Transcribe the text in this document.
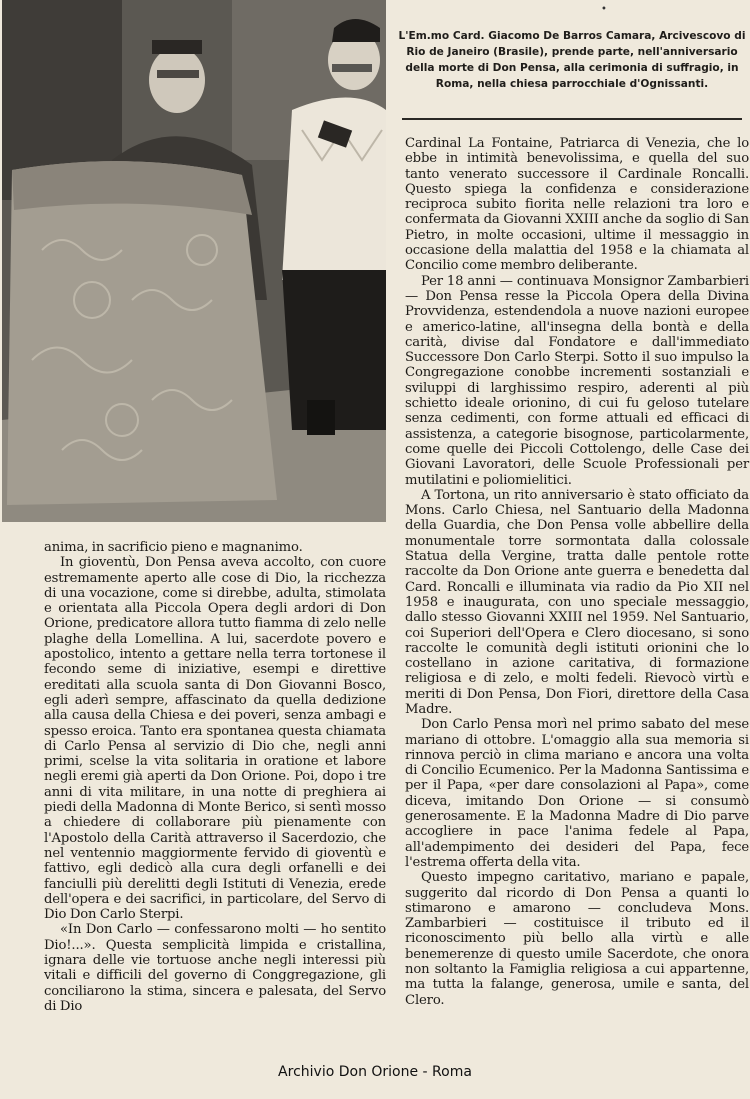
•

L'Em.mo Card. Giacomo De Barros Camara, Arcivescovo di Rio de Janeiro (Brasile), prende parte, nell'anniversario della morte di Don Pensa, alla cerimonia di suffragio, in Roma, nella chiesa parrocchiale d'Ognissanti.

Cardinal La Fontaine, Patriarca di Venezia, che lo ebbe in intimità benevolissima, e quella del suo tanto venerato successore il Cardinale Roncalli. Questo spiega la confidenza e considerazione reciproca subito fiorita nelle relazioni tra loro e confermata da Giovanni XXIII anche da soglio di San Pietro, in molte occasioni, ultime il messaggio in occasione della malattia del 1958 e la chiamata al Concilio come membro deliberante.

Per 18 anni — continuava Monsignor Zambarbieri — Don Pensa resse la Piccola Opera della Divina Provvidenza, estendendola a nuove nazioni europee e americo-latine, all'insegna della bontà e della carità, divise dal Fondatore e dall'immediato Successore Don Carlo Sterpi. Sotto il suo impulso la Congregazione conobbe incrementi sostanziali e sviluppi di larghissimo respiro, aderenti al più schietto ideale orionino, di cui fu geloso tutelare senza cedimenti, con forme attuali ed efficaci di assistenza, a categorie bisognose, particolarmente, come quelle dei Piccoli Cottolengo, delle Case dei Giovani Lavoratori, delle Scuole Professionali per mutilatini e poliomielitici.

A Tortona, un rito anniversario è stato officiato da Mons. Carlo Chiesa, nel Santuario della Madonna della Guardia, che Don Pensa volle abbellire della monumentale torre sormontata dalla colossale Statua della Vergine, tratta dalle pentole rotte raccolte da Don Orione ante guerra e benedetta dal Card. Roncalli e illuminata via radio da Pio XII nel 1958 e inaugurata, con uno speciale messaggio, dallo stesso Giovanni XXIII nel 1959. Nel Santuario, coi Superiori dell'Opera e Clero diocesano, si sono raccolte le comunità degli istituti orionini che lo costellano in azione caritativa, di formazione religiosa e di zelo, e molti fedeli. Rievocò virtù e meriti di Don Pensa, Don Fiori, direttore della Casa Madre.

Don Carlo Pensa morì nel primo sabato del mese mariano di ottobre. L'omaggio alla sua memoria si rinnova perciò in clima mariano e ancora una volta di Concilio Ecumenico. Per la Madonna Santissima e per il Papa, «per dare consolazioni al Papa», come diceva, imitando Don Orione — si consumò generosamente. E la Madonna Madre di Dio parve accogliere in pace l'anima fedele al Papa, all'adempimento dei desideri del Papa, fece l'estrema offerta della vita.

Questo impegno caritativo, mariano e papale, suggerito dal ricordo di Don Pensa a quanti lo stimarono e amarono — concludeva Mons. Zambarbieri — costituisce il tributo ed il riconoscimento più bello alla virtù e alle benemerenze di questo umile Sacerdote, che onora non soltanto la Famiglia religiosa a cui appartenne, ma tutta la falange, generosa, umile e santa, del Clero.

anima, in sacrificio pieno e magnanimo.

In gioventù, Don Pensa aveva accolto, con cuore estremamente aperto alle cose di Dio, la ricchezza di una vocazione, come si direbbe, adulta, stimolata e orientata alla Piccola Opera degli ardori di Don Orione, predicatore allora tutto fiamma di zelo nelle plaghe della Lomellina. A lui, sacerdote povero e apostolico, intento a gettare nella terra tortonese il fecondo seme di iniziative, esempi e direttive ereditati alla scuola santa di Don Giovanni Bosco, egli aderì sempre, affascinato da quella dedizione alla causa della Chiesa e dei poveri, senza ambagi e spesso eroica. Tanto era spontanea questa chiamata di Carlo Pensa al servizio di Dio che, negli anni primi, scelse la vita solitaria in oratione et labore negli eremi già aperti da Don Orione. Poi, dopo i tre anni di vita militare, in una notte di preghiera ai piedi della Madonna di Monte Berico, si sentì mosso a chiedere di collaborare più pienamente con l'Apostolo della Carità attraverso il Sacerdozio, che nel ventennio maggiormente fervido di gioventù e fattivo, egli dedicò alla cura degli orfanelli e dei fanciulli più derelitti degli Istituti di Venezia, erede dell'opera e dei sacrifici, in particolare, del Servo di Dio Don Carlo Sterpi.

«In Don Carlo — confessarono molti — ho sentito Dio!...». Questa semplicità limpida e cristallina, ignara delle vie tortuose anche negli interessi più vitali e difficili del governo di Conggregazione, gli conciliarono la stima, sincera e palesata, del Servo di Dio

Archivio Don Orione - Roma
